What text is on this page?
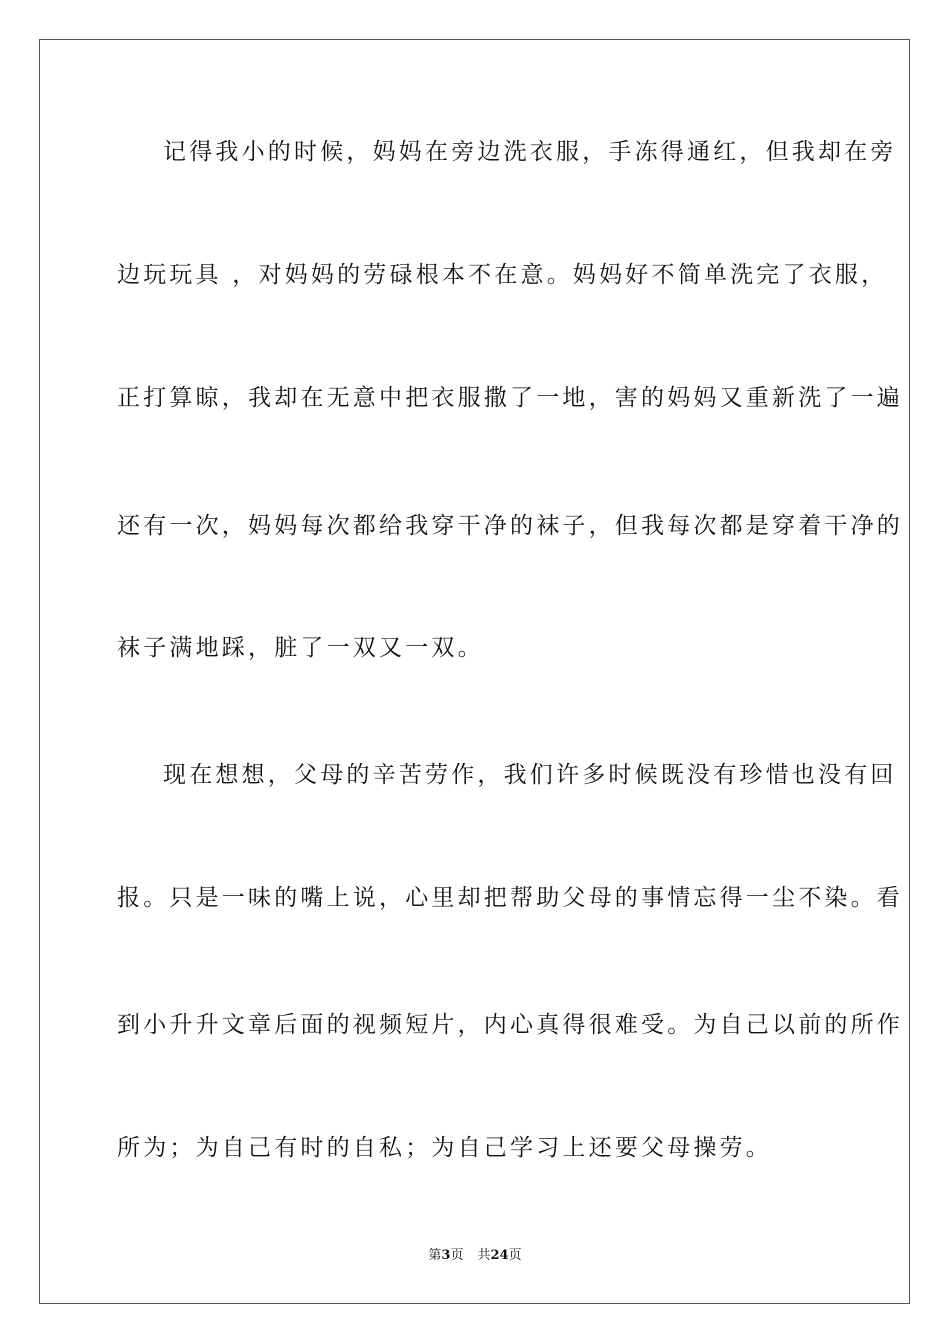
记得我小的时候，妈妈在旁边洗衣服，手冻得通红，但我却在旁
边玩玩具 ，对妈妈的劳碌根本不在意。妈妈好不简单洗完了衣服，
正打算晾，我却在无意中把衣服撒了一地，害的妈妈又重新洗了一遍
还有一次，妈妈每次都给我穿干净的袜子，但我每次都是穿着干净的
袜子满地踩，脏了一双又一双。
现在想想，父母的辛苦劳作，我们许多时候既没有珍惜也没有回
报。只是一味的嘴上说，心里却把帮助父母的事情忘得一尘不染。看
到小升升文章后面的视频短片，内心真得很难受。为自己以前的所作
所为；为自己有时的自私；为自己学习上还要父母操劳。
第3页 共24页
